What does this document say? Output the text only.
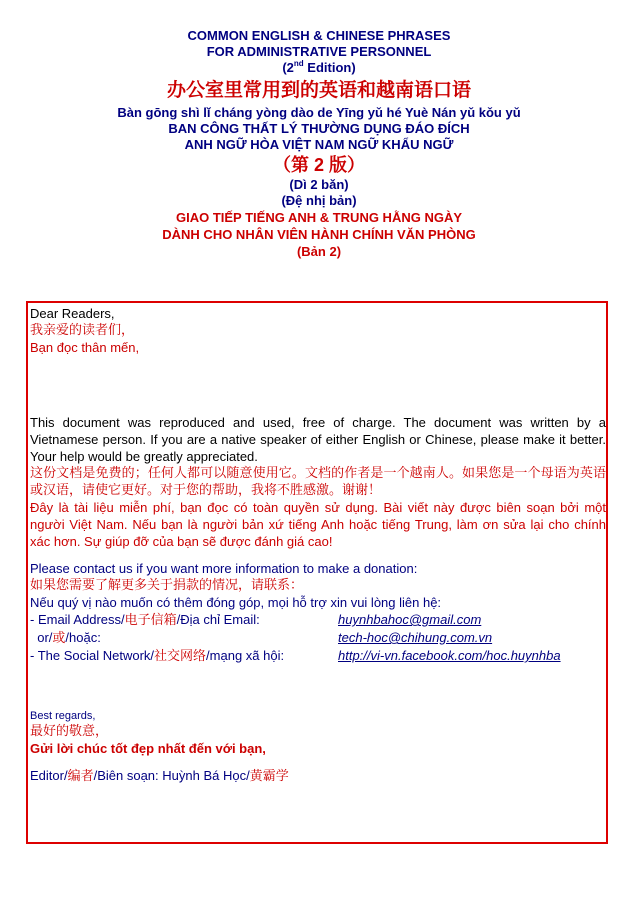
COMMON ENGLISH & CHINESE PHRASES
FOR ADMINISTRATIVE PERSONNEL
(2nd Edition)
办公室里常用到的英语和越南语口语
Bàn gōng shì lǐ cháng yòng dào de Yīng yǔ hé Yuè Nán yǔ kǒu yǔ
BAN CÔNG THẤT LÝ THƯỜNG DỤNG ĐÁO ĐÍCH
ANH NGỮ HÒA VIỆT NAM NGỮ KHẨU NGỮ
（第 2 版）
(Dì 2 bǎn)
(Đệ nhị bản)
GIAO TIẾP TIẾNG ANH & TRUNG HẰNG NGÀY
DÀNH CHO NHÂN VIÊN HÀNH CHÍNH VĂN PHÒNG
(Bản 2)

Dear Readers,

我亲爱的读者们，

Bạn đọc thân mến,

This document was reproduced and used, free of charge. The document was written by a Vietnamese person. If you are a native speaker of either English or Chinese, please make it better. Your help would be greatly appreciated.

这份文档是免费的；任何人都可以随意使用它。文档的作者是一个越南人。如果您是一个母语为英语或汉语，请使它更好。对于您的帮助，我将不胜感激。谢谢！

Đây là tài liệu miễn phí, bạn đọc có toàn quyền sử dụng. Bài viết này được biên soạn bởi một người Việt Nam. Nếu bạn là người bản xứ tiếng Anh hoặc tiếng Trung, làm ơn sửa lại cho chính xác hơn. Sự giúp đỡ của bạn sẽ được đánh giá cao!

Please contact us if you want more information to make a donation:

如果您需要了解更多关于捐款的情况，请联系：

Nếu quý vị nào muốn có thêm đóng góp, mọi hỗ trợ xin vui lòng liên hệ:

- Email Address/电子信箱/Địa chỉ Email:	huynhbahoc@gmail.com
or/或/hoặc:	tech-hoc@chihung.com.vn
- The Social Network/社交网络/mạng xã hội:	http://vi-vn.facebook.com/hoc.huynhba

Best regards,

最好的敬意，

Gửi lời chúc tốt đẹp nhất đến với bạn,

Editor/编者/Biên soạn: Huỳnh Bá Học/黄霸学
